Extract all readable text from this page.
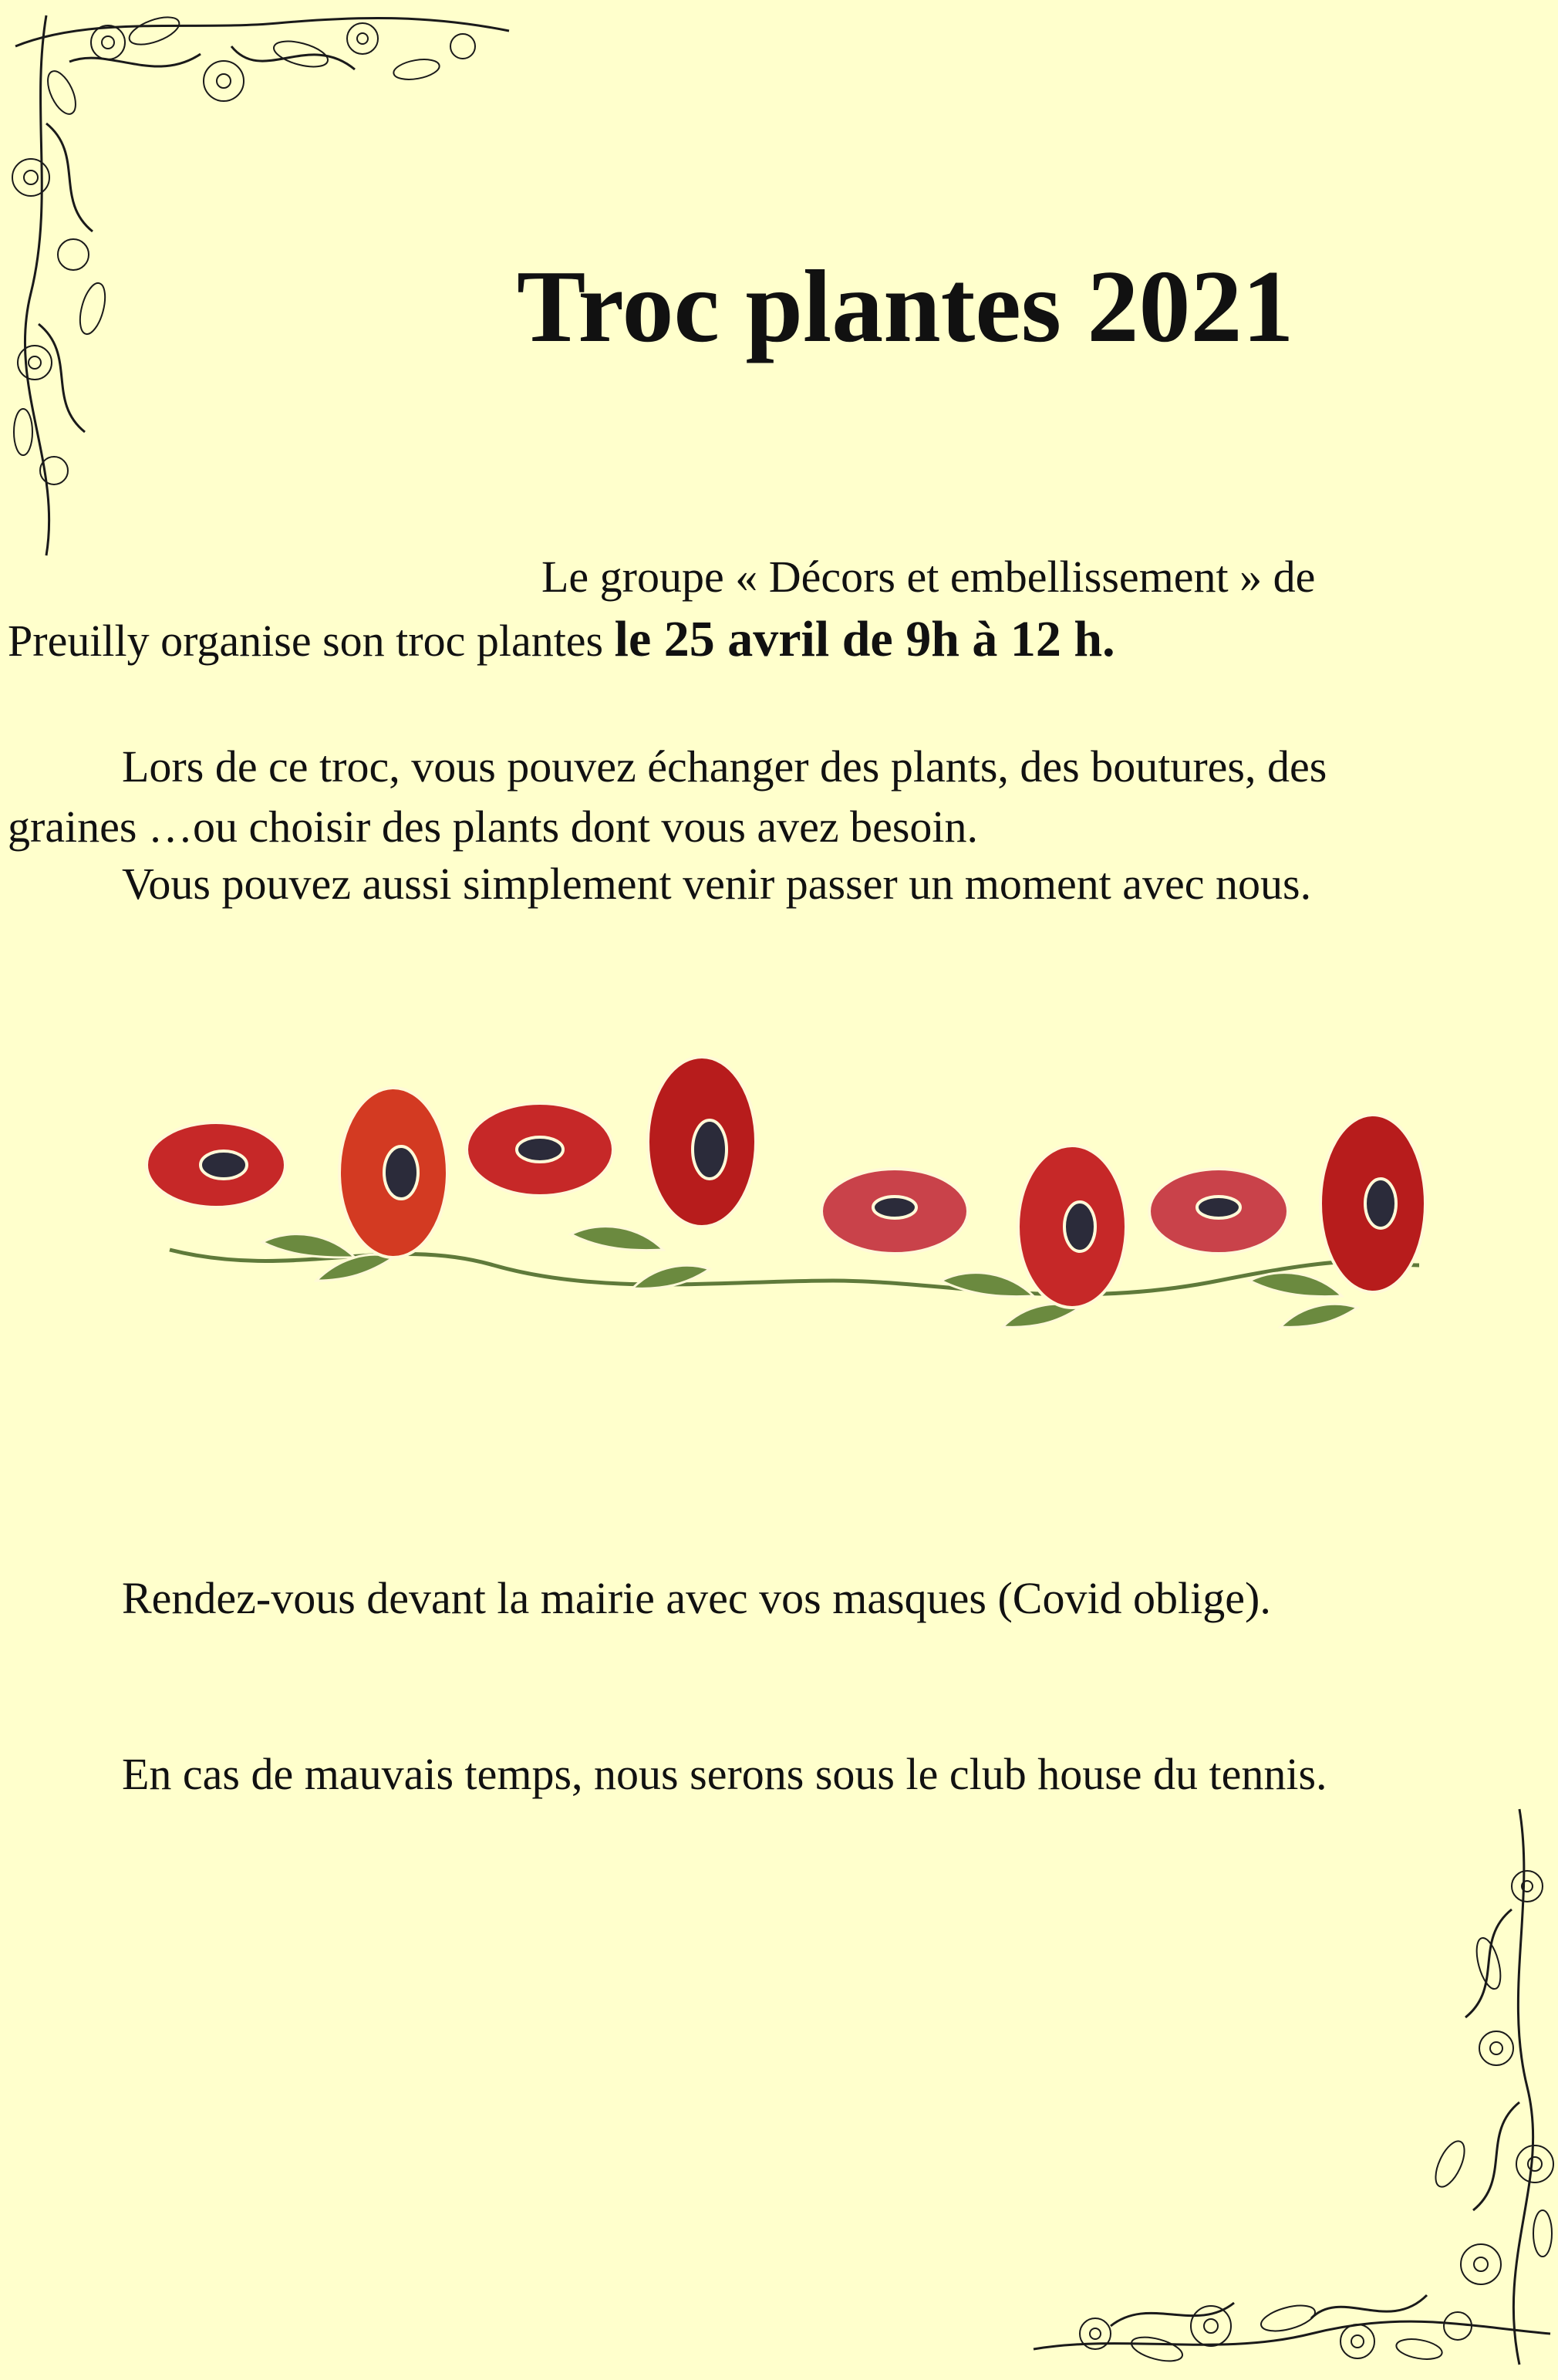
Troc plantes 2021

Le groupe « Décors et embellissement » de

Preuilly organise son troc plantes le 25 avril de 9h à 12 h.

Lors de ce troc, vous pouvez échanger des plants, des boutures, des

graines …ou choisir des plants dont vous avez besoin.

Vous pouvez aussi simplement venir passer un moment avec nous.

Rendez-vous devant la mairie avec vos masques (Covid oblige).

En cas de mauvais temps, nous serons sous le club house du tennis.
